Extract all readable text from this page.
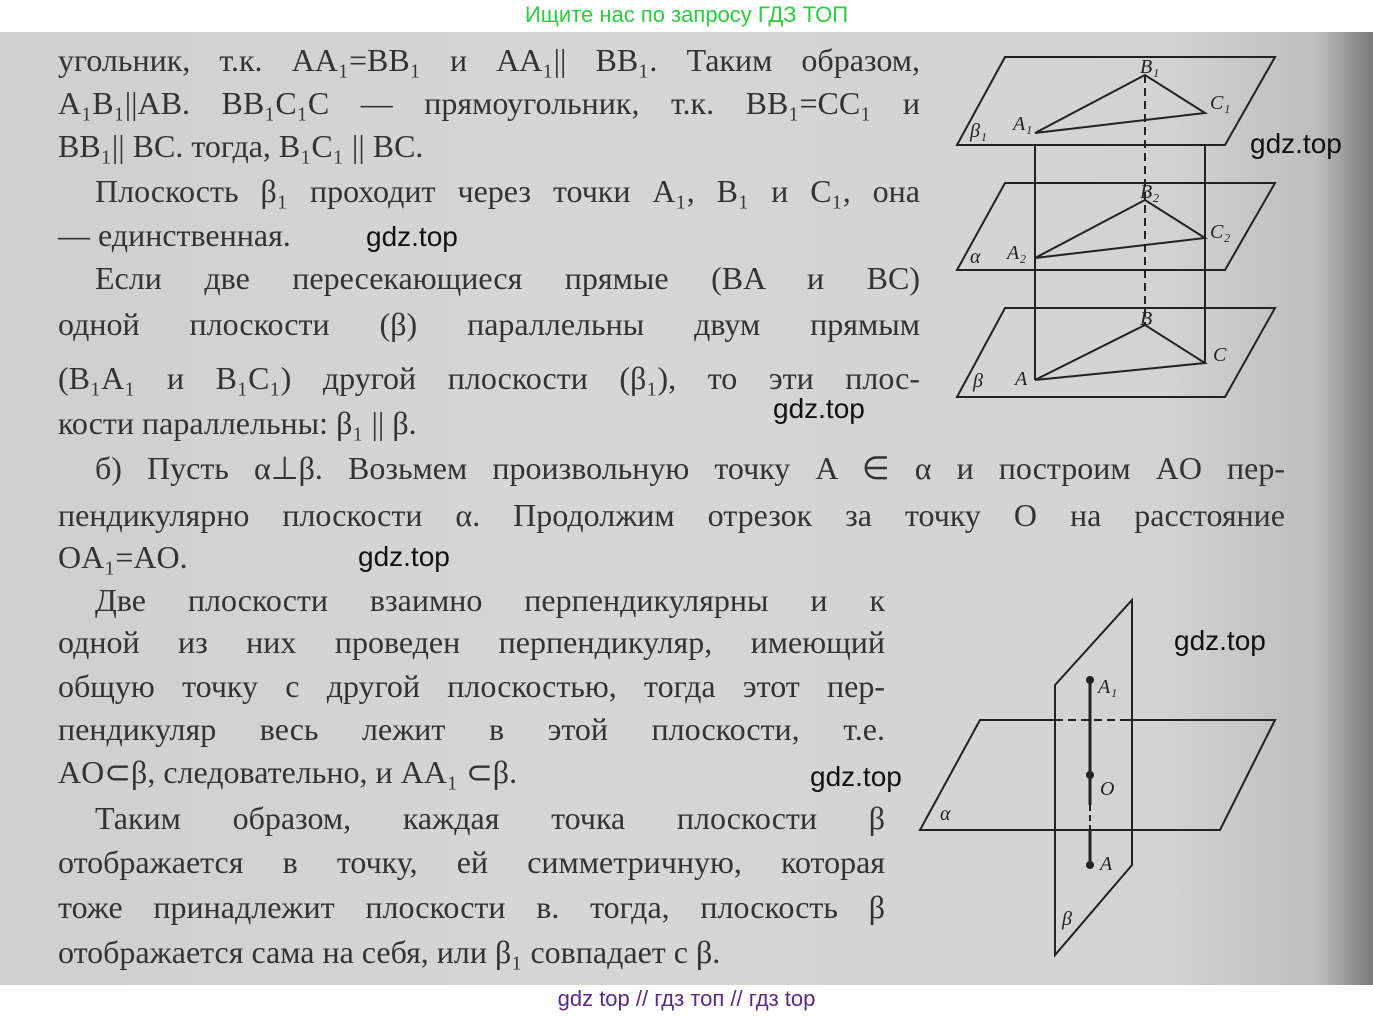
Ищите нас по запросу ГДЗ ТОП
угольник, т.к. AA₁=BB₁ и AA₁|| BB₁. Таким образом,
A₁B₁||AB. BB₁C₁C — прямоугольник, т.к. BB₁=CC₁ и
BB₁|| BC. тогда, B₁C₁ || BC.
Плоскость β₁ проходит через точки A₁, B₁ и C₁, она
— единственная.
Если две пересекающиеся прямые (BA и BC)
одной плоскости (β) параллельны двум прямым
(B₁A₁ и B₁C₁) другой плоскости (β₁), то эти плос-
кости параллельны: β₁ || β.
б) Пусть α⊥β. Возьмем произвольную точку A ∈ α и построим AO пер-
пендикулярно плоскости α. Продолжим отрезок за точку O на расстояние
OA₁=AO.
Две плоскости взаимно перпендикулярны и к
одной из них проведен перпендикуляр, имеющий
общую точку с другой плоскостью, тогда этот пер-
пендикуляр весь лежит в этой плоскости, т.е.
AO⊂β, следовательно, и AA₁ ⊂β.
Таким образом, каждая точка плоскости β
отображается в точку, ей симметричную, которая
тоже принадлежит плоскости в. тогда, плоскость β
отображается сама на себя, или β₁ совпадает с β.
B₁
A₁
C₁
β₁
B₂
A₂
C₂
α
B
A
C
β
A₁
O
A
α
β
gdz.top
gdz.top
gdz.top
gdz.top
gdz.top
gdz.top
gdz top // гдз топ // гдз top
